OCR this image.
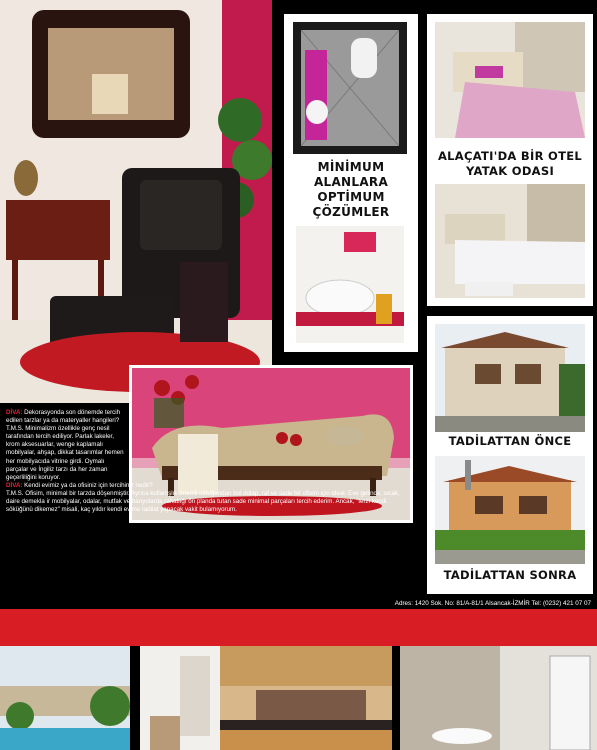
DİVA: Dekorasyonda son dönemde tercih edilen tarzlar ya da materyaller hangileri? T.M.S. Minimalizm özellikle genç nesil tarafından tercih ediliyor. Parlak lakeler, krom aksesuarlar, wenge kaplamalı mobilyalar, ahşap, dikkat tasarımlar hemen her mobilyacıda vitrine girdi. Oymalı parçalar ve İngiliz tarzı da her zaman geçerliliğini koruyor.

DİVA: Kendi evimiz ya da ofisiniz için tercihiniz nedir?

T.M.S. Ofisim, minimal bir tarzda döşenmiştir. Ayrıca kullanışlık önemli olduğundan bol dolap, raf ve sade bir ofisim için ideal. Eve gelince, sıcak, daire demekla ir mobilyalar, odalar, mutfak ve banyolarda rahatlığı ön planda tutan sade minimal parçaları tercih ederim. Ancak, "terzi kendi söküğünü dikemez" misali, kaç yıldır kendi evime tadilat yapacak vakit bulamıyorum.

MİNİMUM
ALANLARA
OPTİMUM
ÇÖZÜMLER
ALAÇATI'DA BİR OTEL
YATAK ODASI
TADİLATTAN ÖNCE
TADİLATTAN SONRA
Adres: 1420 Sok. No: 81/A-81/1 Alsancak-İZMİR Tel: (0232) 421 07 07
